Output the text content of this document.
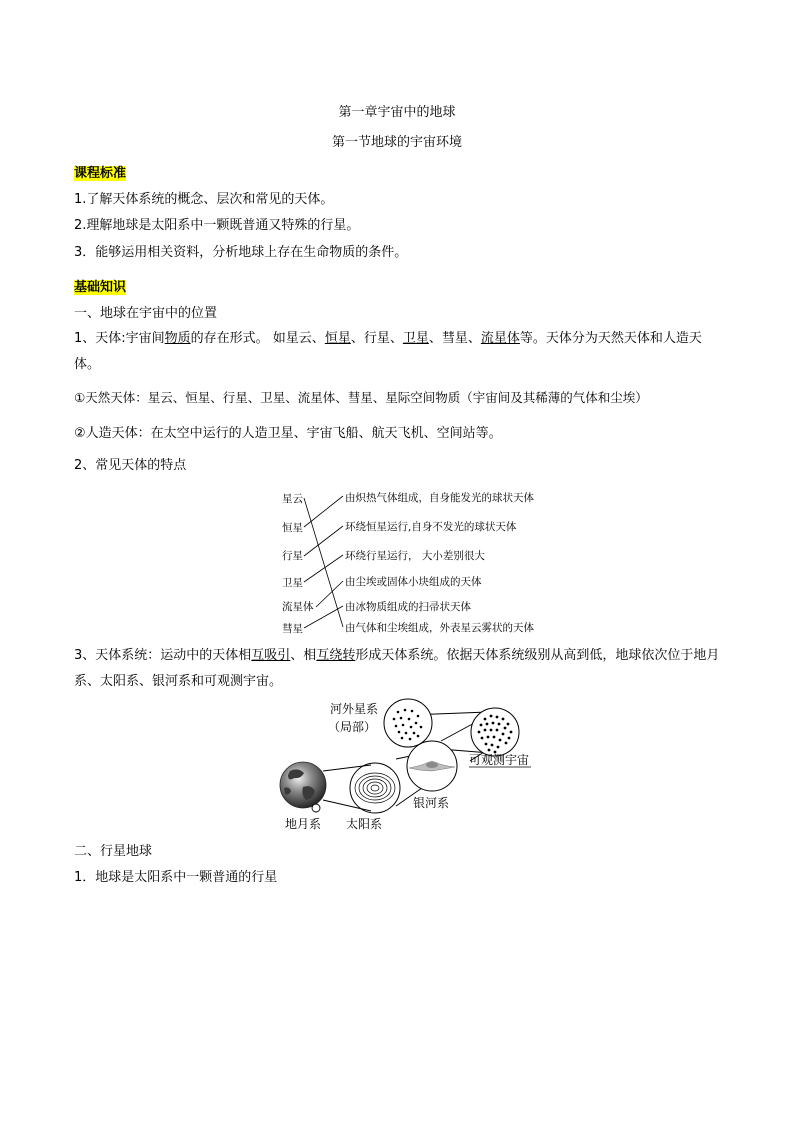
第一章宇宙中的地球
第一节地球的宇宙环境
课程标准
1.了解天体系统的概念、层次和常见的天体。
2.理解地球是太阳系中一颗既普通又特殊的行星。
3．能够运用相关资料，分析地球上存在生命物质的条件。
基础知识
一、地球在宇宙中的位置
1、天体:宇宙间物质的存在形式。 如星云、恒星、行星、卫星、彗星、流星体等。天体分为天然天体和人造天体。
①天然天体：星云、恒星、行星、卫星、流星体、彗星、星际空间物质（宇宙间及其稀薄的气体和尘埃）
②人造天体：在太空中运行的人造卫星、宇宙飞船、航天飞机、空间站等。
2、常见天体的特点
星云
恒星
行星
卫星
流星体
彗星
由炽热气体组成，自身能发光的球状天体
环绕恒星运行,自身不发光的球状天体
环绕行星运行， 大小差别很大
由尘埃或固体小块组成的天体
由冰物质组成的扫帚状天体
由气体和尘埃组成，外表星云雾状的天体
3、天体系统：运动中的天体相互吸引、相互绕转形成天体系统。依据天体系统级别从高到低，地球依次位于地月系、太阳系、银河系和可观测宇宙。
河外星系
（局部）
可观测宇宙
银河系
地月系 太阳系
二、行星地球
1．地球是太阳系中一颗普通的行星
